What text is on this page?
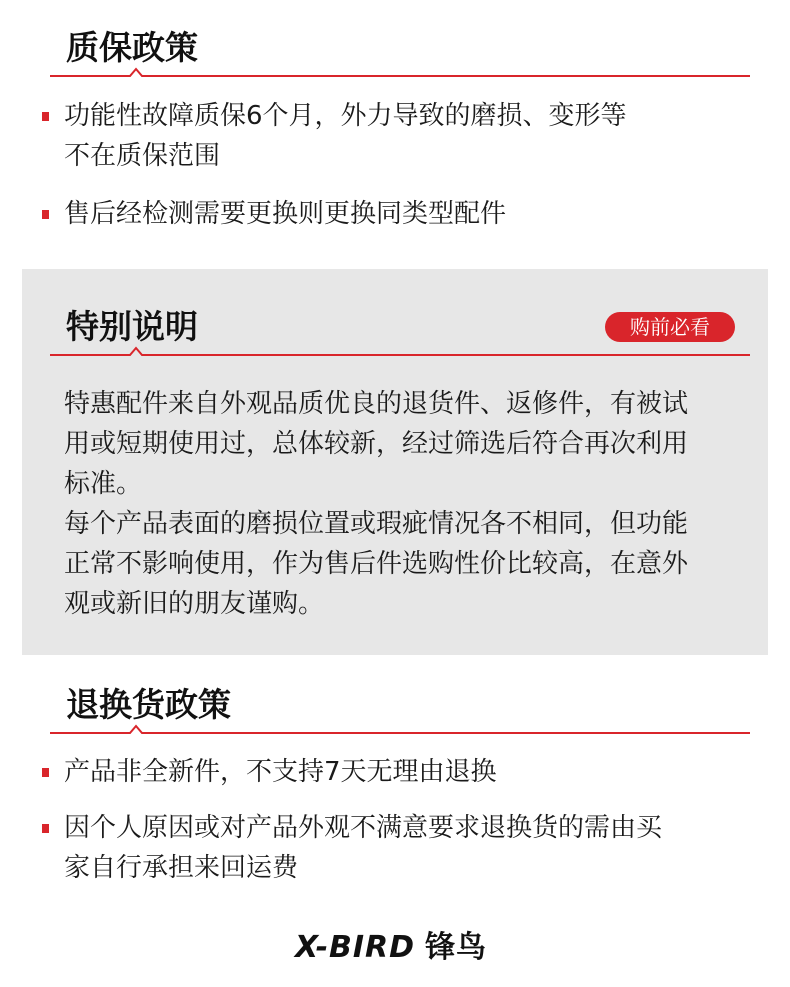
质保政策
功能性故障质保6个月，外力导致的磨损、变形等
不在质保范围
售后经检测需要更换则更换同类型配件
特别说明	购前必看

特惠配件来自外观品质优良的退货件、返修件，有被试
用或短期使用过，总体较新，经过筛选后符合再次利用
标准。

每个产品表面的磨损位置或瑕疵情况各不相同，但功能
正常不影响使用，作为售后件选购性价比较高，在意外
观或新旧的朋友谨购。

退换货政策
产品非全新件，不支持7天无理由退换
因个人原因或对产品外观不满意要求退换货的需由买
家自行承担来回运费
X-BIRD 锋鸟
